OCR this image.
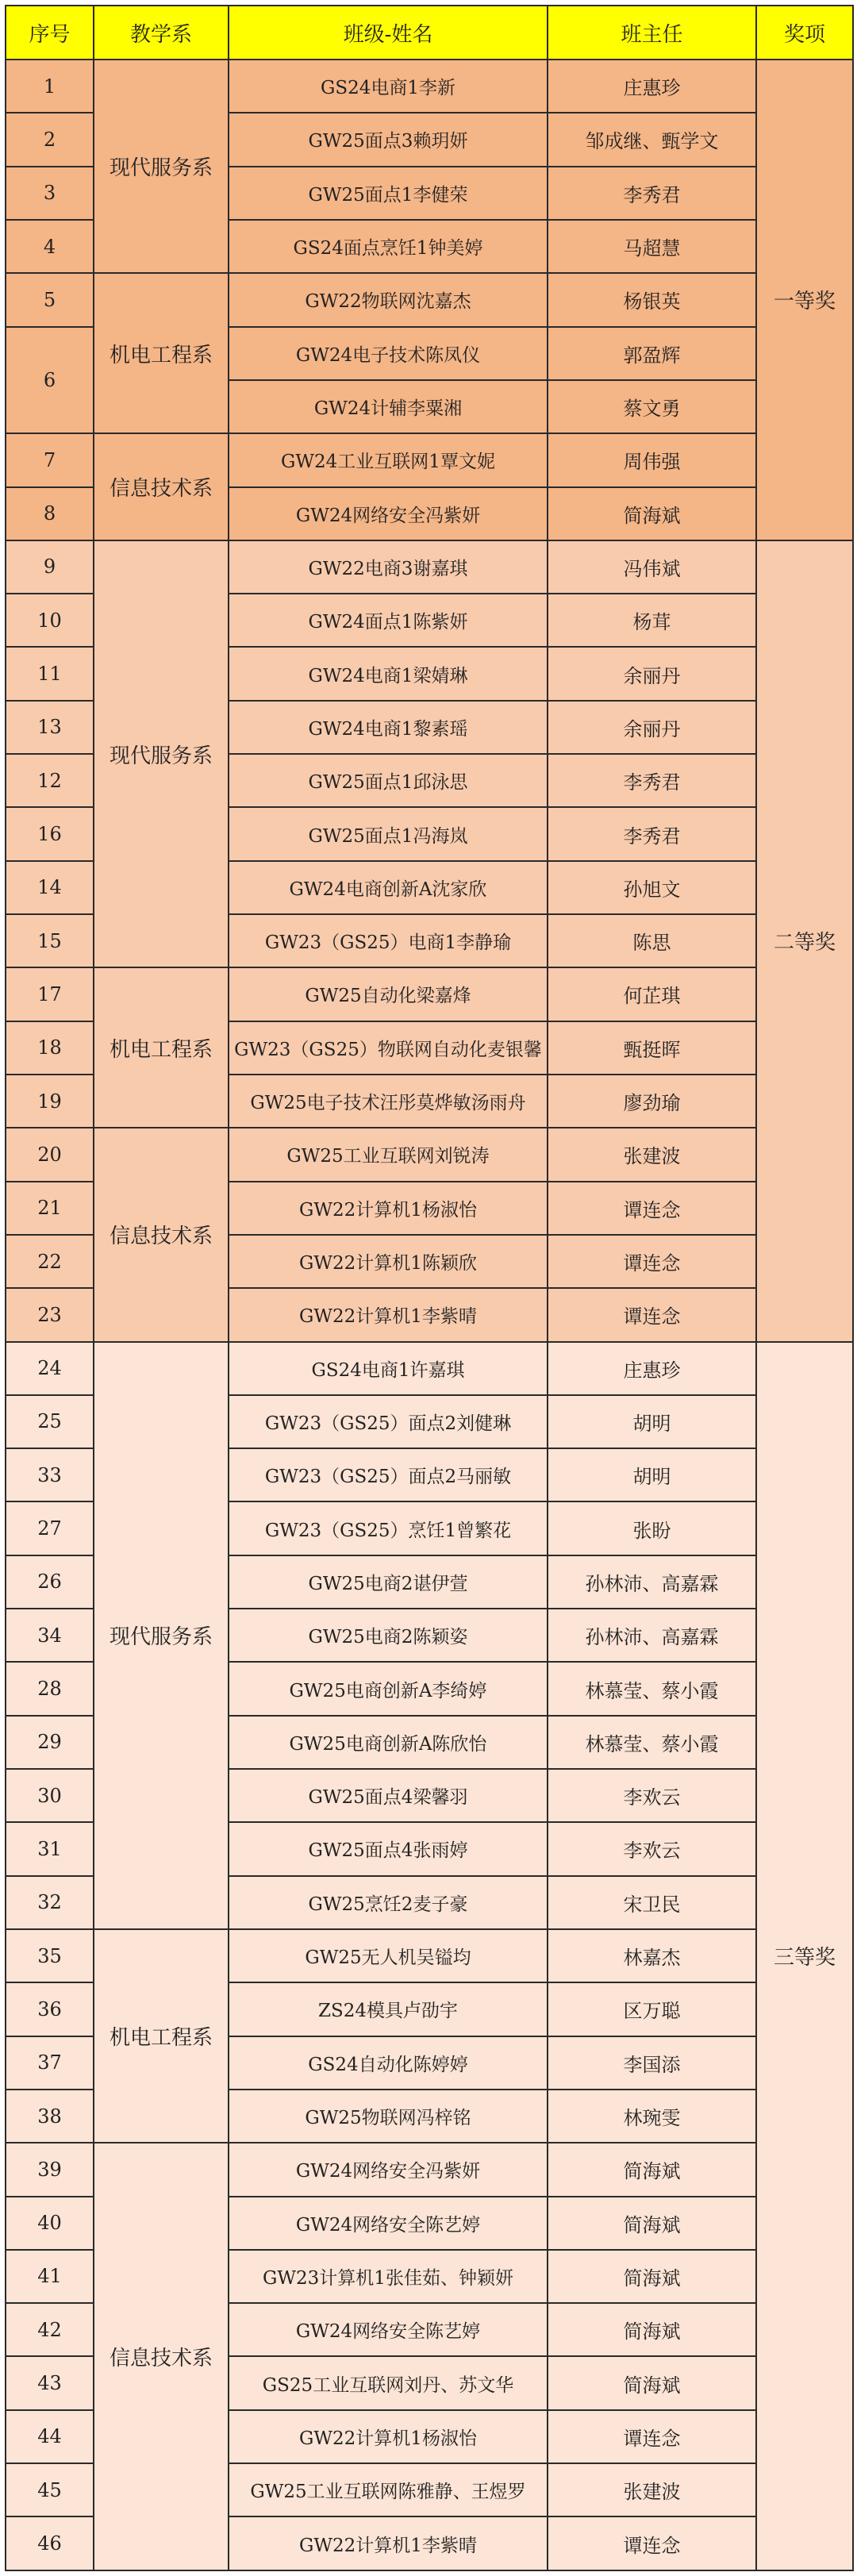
序号	教学系	班级-姓名	班主任	奖项
1	现代服务系	GS24电商1李新	庄惠珍	一等奖
2		GW25面点3赖玥妍	邹成继、甄学文	
3		GW25面点1李健荣	李秀君	
4		GS24面点烹饪1钟美婷	马超慧	
5	机电工程系	GW22物联网沈嘉杰	杨银英	
6		GW24电子技术陈凤仪	郭盈辉	
		GW24计辅李粟湘	蔡文勇	
7	信息技术系	GW24工业互联网1覃文妮	周伟强	
8		GW24网络安全冯紫妍	简海斌	
9	现代服务系	GW22电商3谢嘉琪	冯伟斌	二等奖
10		GW24面点1陈紫妍	杨茸	
11		GW24电商1梁婧琳	余丽丹	
13		GW24电商1黎素瑶	余丽丹	
12		GW25面点1邱泳思	李秀君	
16		GW25面点1冯海岚	李秀君	
14		GW24电商创新A沈家欣	孙旭文	
15		GW23（GS25）电商1李静瑜	陈思	
17	机电工程系	GW25自动化梁嘉烽	何芷琪	
18		GW23（GS25）物联网自动化麦银馨	甄挺晖	
19		GW25电子技术汪彤莫烨敏汤雨舟	廖劲瑜	
20	信息技术系	GW25工业互联网刘锐涛	张建波	
21		GW22计算机1杨淑怡	谭连念	
22		GW22计算机1陈颖欣	谭连念	
23		GW22计算机1李紫晴	谭连念	
24	现代服务系	GS24电商1许嘉琪	庄惠珍	三等奖
25		GW23（GS25）面点2刘健琳	胡明	
33		GW23（GS25）面点2马丽敏	胡明	
27		GW23（GS25）烹饪1曾繁花	张盼	
26		GW25电商2谌伊萱	孙林沛、高嘉霖	
34		GW25电商2陈颖姿	孙林沛、高嘉霖	
28		GW25电商创新A李绮婷	林慕莹、蔡小霞	
29		GW25电商创新A陈欣怡	林慕莹、蔡小霞	
30		GW25面点4梁馨羽	李欢云	
31		GW25面点4张雨婷	李欢云	
32		GW25烹饪2麦子豪	宋卫民	
35	机电工程系	GW25无人机吴镒均	林嘉杰	
36		ZS24模具卢劭宇	区万聪	
37		GS24自动化陈婷婷	李国添	
38		GW25物联网冯梓铭	林琬雯	
39	信息技术系	GW24网络安全冯紫妍	简海斌	
40		GW24网络安全陈艺婷	简海斌	
41		GW23计算机1张佳茹、钟颖妍	简海斌	
42		GW24网络安全陈艺婷	简海斌	
43		GS25工业互联网刘丹、苏文华	简海斌	
44		GW22计算机1杨淑怡	谭连念	
45		GW25工业互联网陈雅静、王煜罗	张建波	
46		GW22计算机1李紫晴	谭连念	
